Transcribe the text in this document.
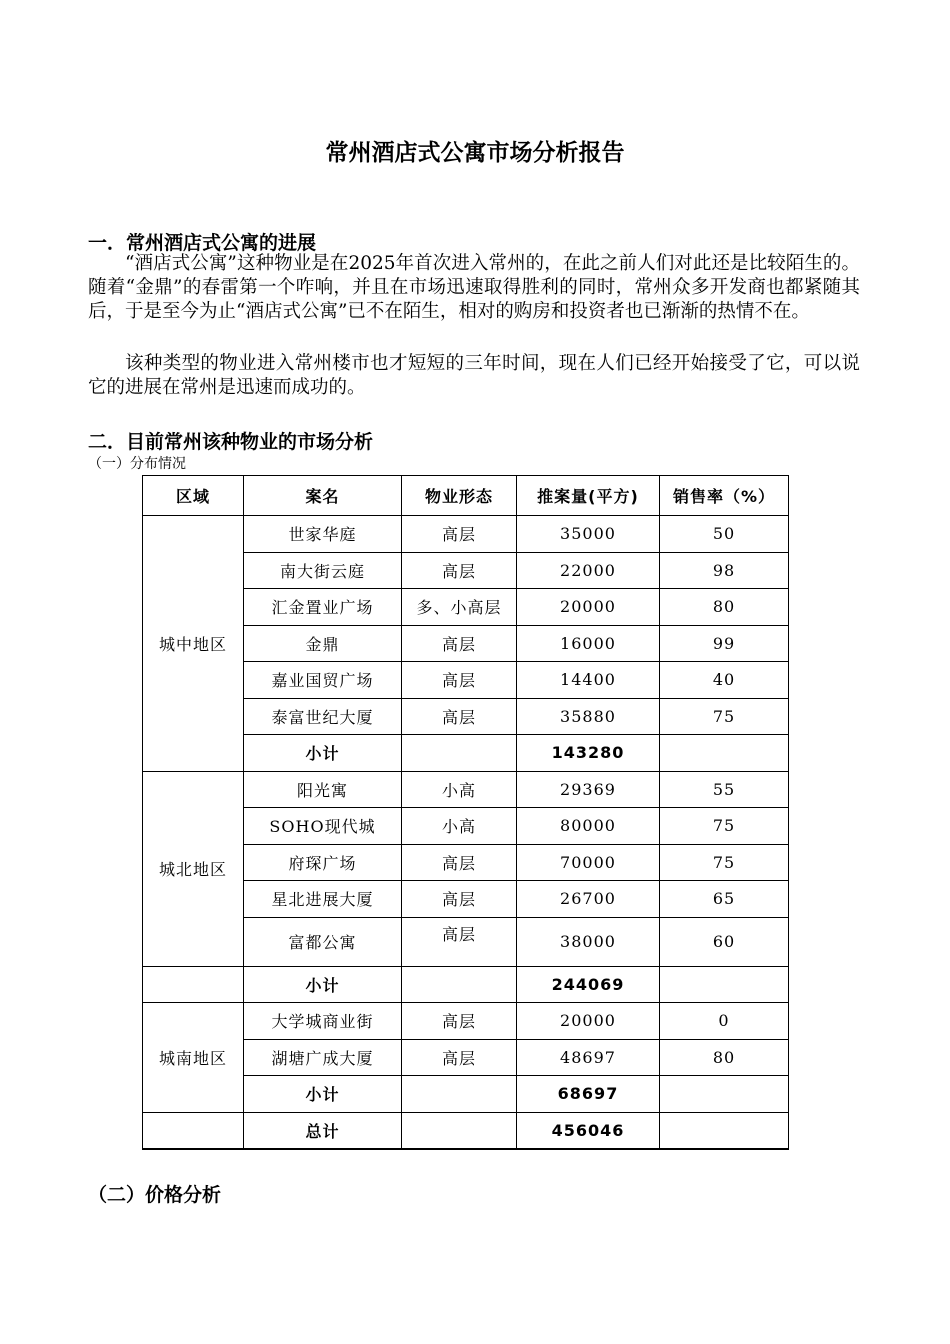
常州酒店式公寓市场分析报告
一．常州酒店式公寓的进展
“酒店式公寓”这种物业是在2025年首次进入常州的，在此之前人们对此还是比较陌生的。随着“金鼎”的春雷第一个咋响，并且在市场迅速取得胜利的同时，常州众多开发商也都紧随其后，于是至今为止“酒店式公寓”已不在陌生，相对的购房和投资者也已渐渐的热情不在。
该种类型的物业进入常州楼市也才短短的三年时间，现在人们已经开始接受了它，可以说它的进展在常州是迅速而成功的。
二．目前常州该种物业的市场分析
（一）分布情况
区域	案名	物业形态	推案量(平方)	销售率（%）
城中地区	世家华庭	高层	35000	50
	南大街云庭	高层	22000	98
	汇金置业广场	多、小高层	20000	80
	金鼎	高层	16000	99
	嘉业国贸广场	高层	14400	40
	泰富世纪大厦	高层	35880	75
	小计		143280	
城北地区	阳光寓	小高	29369	55
	SOHO现代城	小高	80000	75
	府琛广场	高层	70000	75
	星北进展大厦	高层	26700	65
	富都公寓	高层	38000	60
	小计		244069	
城南地区	大学城商业街	高层	20000	0
	湖塘广成大厦	高层	48697	80
	小计		68697	
	总计		456046	
（二）价格分析
